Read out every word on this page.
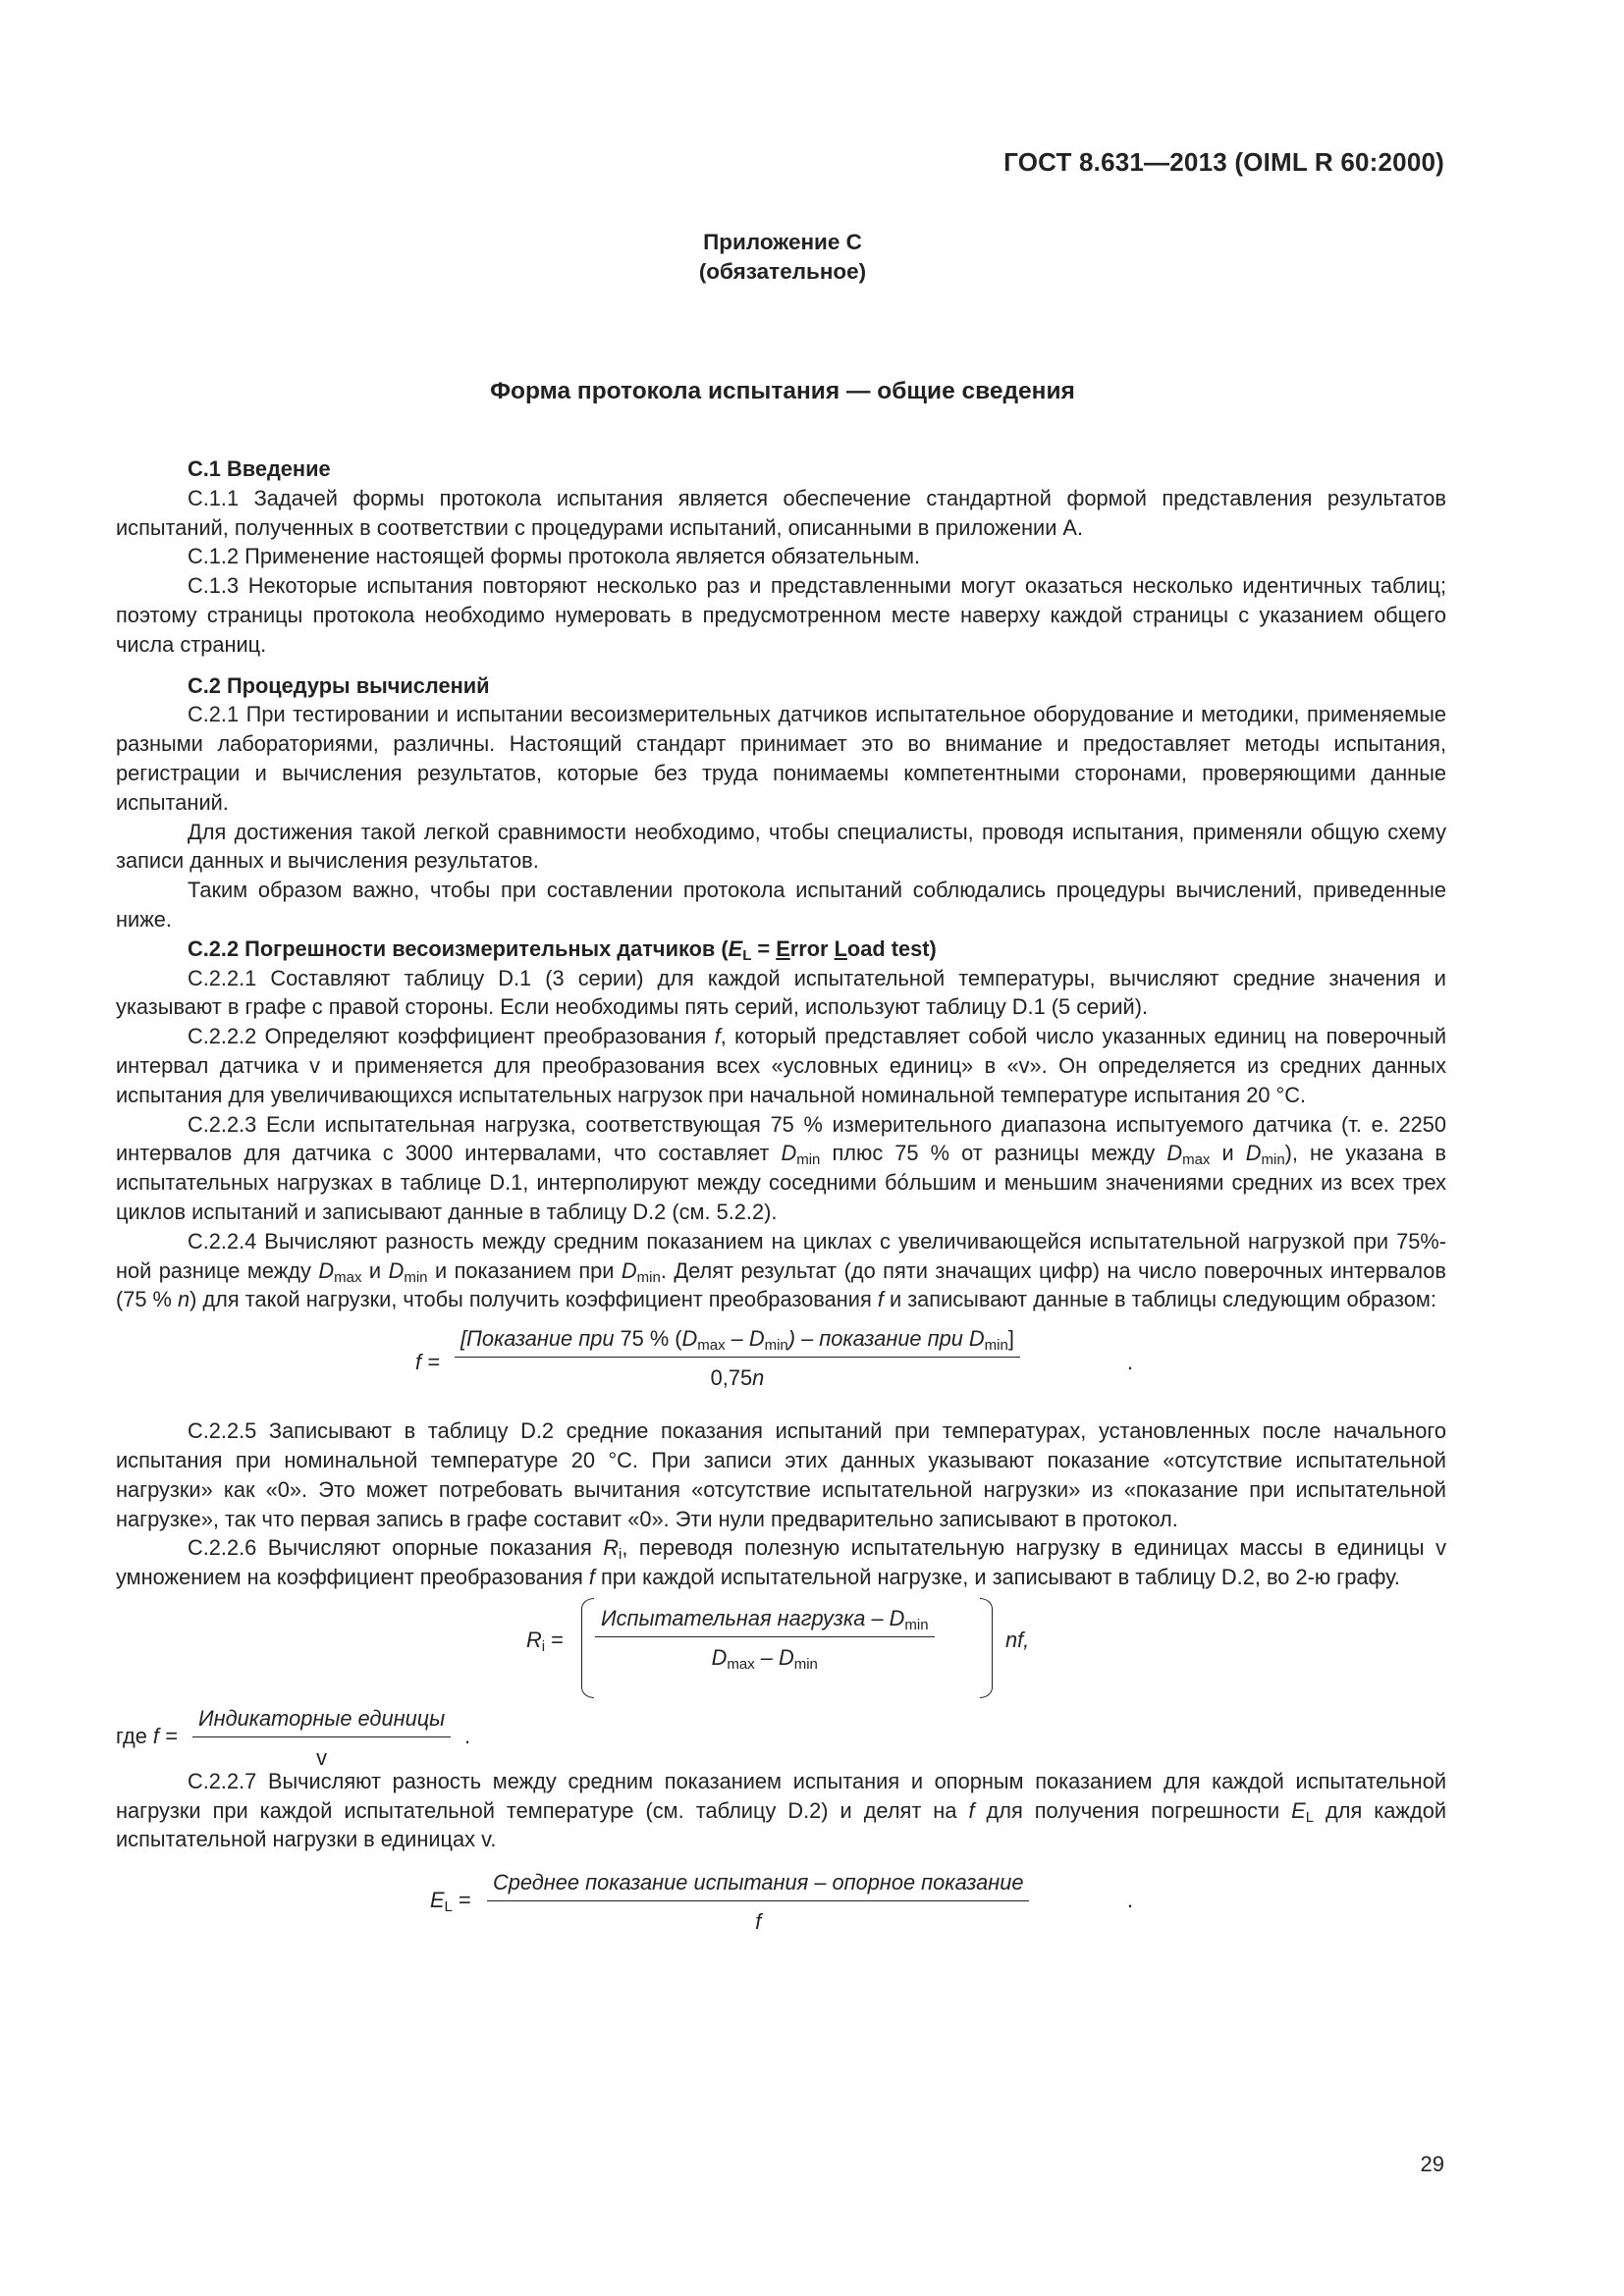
ГОСТ 8.631—2013 (OIML R 60:2000)
Приложение С
(обязательное)
Форма протокола испытания — общие сведения
С.1 Введение

С.1.1 Задачей формы протокола испытания является обеспечение стандартной формой представления результатов испытаний, полученных в соответствии с процедурами испытаний, описанными в приложении А.

С.1.2 Применение настоящей формы протокола является обязательным.

С.1.3 Некоторые испытания повторяют несколько раз и представленными могут оказаться несколько идентичных таблиц; поэтому страницы протокола необходимо нумеровать в предусмотренном месте наверху каждой страницы с указанием общего числа страниц.

С.2 Процедуры вычислений

С.2.1 При тестировании и испытании весоизмерительных датчиков испытательное оборудование и методики, применяемые разными лабораториями, различны. Настоящий стандарт принимает это во внимание и предоставляет методы испытания, регистрации и вычисления результатов, которые без труда понимаемы компетентными сторонами, проверяющими данные испытаний.

Для достижения такой легкой сравнимости необходимо, чтобы специалисты, проводя испытания, применяли общую схему записи данных и вычисления результатов.

Таким образом важно, чтобы при составлении протокола испытаний соблюдались процедуры вычислений, приведенные ниже.

С.2.2 Погрешности весоизмерительных датчиков ($E_L$ = Error Load test)

С.2.2.1 Составляют таблицу D.1 (3 серии) для каждой испытательной температуры, вычисляют средние значения и указывают в графе с правой стороны. Если необходимы пять серий, используют таблицу D.1 (5 серий).

С.2.2.2 Определяют коэффициент преобразования f, который представляет собой число указанных единиц на поверочный интервал датчика v и применяется для преобразования всех «условных единиц» в «v». Он определяется из средних данных испытания для увеличивающихся испытательных нагрузок при начальной номинальной температуре испытания 20 °С.

С.2.2.3 Если испытательная нагрузка, соответствующая 75 % измерительного диапазона испытуемого датчика (т. е. 2250 интервалов для датчика с 3000 интервалами, что составляет $D_{min}$ плюс 75 % от разницы между $D_{max}$ и $D_{min}$), не указана в испытательных нагрузках в таблице D.1, интерполируют между соседними бóльшим и меньшим значениями средних из всех трех циклов испытаний и записывают данные в таблицу D.2 (см. 5.2.2).

С.2.2.4 Вычисляют разность между средним показанием на циклах с увеличивающейся испытательной нагрузкой при 75%-ной разнице между $D_{max}$ и $D_{min}$ и показанием при $D_{min}$. Делят результат (до пяти значащих цифр) на число поверочных интервалов (75 % n) для такой нагрузки, чтобы получить коэффициент преобразования f и записывают данные в таблицы следующим образом:

f =
[Показание при 75 % $(D_{max} - D_{min})$ – показание при $D_{min}$]
0,75n
.

С.2.2.5 Записывают в таблицу D.2 средние показания испытаний при температурах, установленных после начального испытания при номинальной температуре 20 °С. При записи этих данных указывают показание «отсутствие испытательной нагрузки» как «0». Это может потребовать вычитания «отсутствие испытательной нагрузки» из «показание при испытательной нагрузке», так что первая запись в графе составит «0». Эти нули предварительно записывают в протокол.

С.2.2.6 Вычисляют опорные показания $R_i$, переводя полезную испытательную нагрузку в единицах массы в единицы v умножением на коэффициент преобразования f при каждой испытательной нагрузке, и записывают в таблицу D.2, во 2-ю графу.

$R_i$ =
Испытательная нагрузка – $D_{min}$
$D_{max} - D_{min}$
nf,
где f =
Индикаторные единицы
v
.

С.2.2.7 Вычисляют разность между средним показанием испытания и опорным показанием для каждой испытательной нагрузки при каждой испытательной температуре (см. таблицу D.2) и делят на f для получения погрешности $E_L$ для каждой испытательной нагрузки в единицах v.

$E_L$ =
Среднее показание испытания – опорное показание
f
.
29
